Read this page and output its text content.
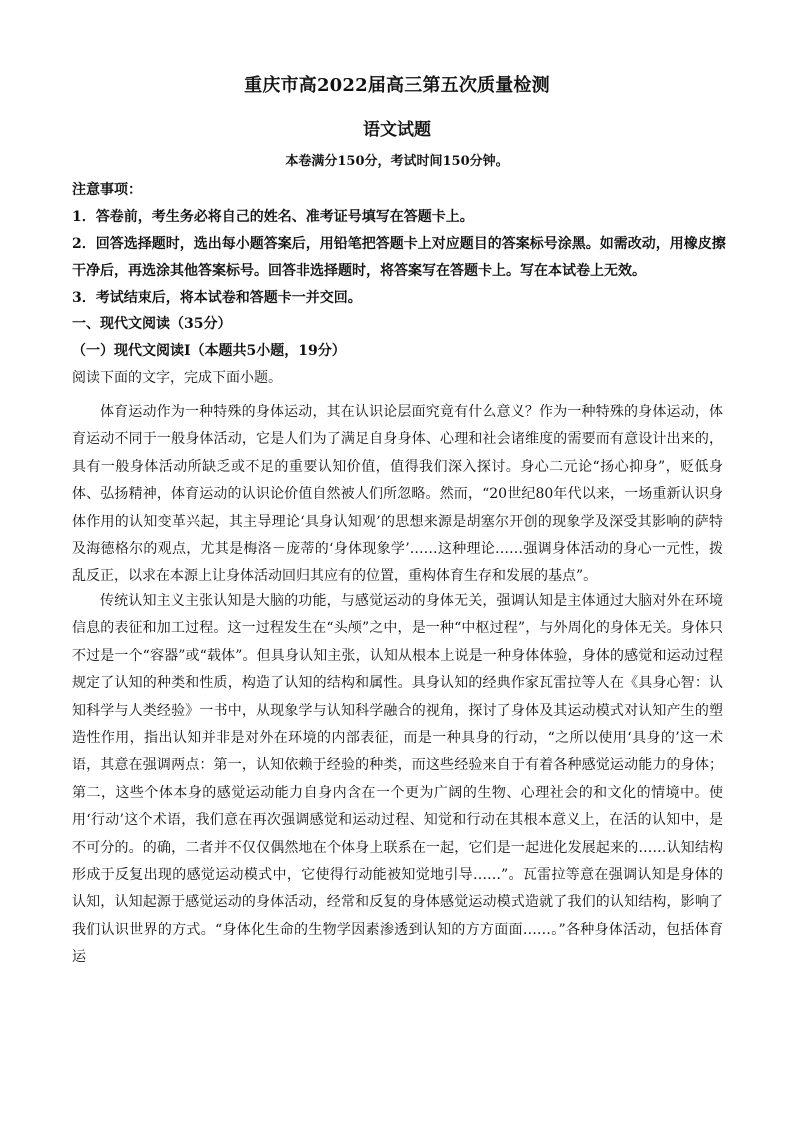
重庆市高2022届高三第五次质量检测
语文试题
本卷满分150分，考试时间150分钟。
注意事项：
1．答卷前，考生务必将自己的姓名、准考证号填写在答题卡上。
2．回答选择题时，选出每小题答案后，用铅笔把答题卡上对应题目的答案标号涂黑。如需改动，用橡皮擦
干净后，再选涂其他答案标号。回答非选择题时，将答案写在答题卡上。写在本试卷上无效。
3．考试结束后，将本试卷和答题卡一并交回。
一、现代文阅读（35分）
（一）现代文阅读Ⅰ（本题共5小题，19分）
阅读下面的文字，完成下面小题。

体育运动作为一种特殊的身体运动，其在认识论层面究竟有什么意义？作为一种特殊的身体运动，体育运动不同于一般身体活动，它是人们为了满足自身身体、心理和社会诸维度的需要而有意设计出来的，具有一般身体活动所缺乏或不足的重要认知价值，值得我们深入探讨。身心二元论“扬心抑身”，贬低身体、弘扬精神，体育运动的认识论价值自然被人们所忽略。然而，“20世纪80年代以来，一场重新认识身体作用的认知变革兴起，其主导理论‘具身认知观’的思想来源是胡塞尔开创的现象学及深受其影响的萨特及海德格尔的观点，尤其是梅洛－庞蒂的‘身体现象学’……这种理论……强调身体活动的身心一元性，拨乱反正，以求在本源上让身体活动回归其应有的位置，重构体育生存和发展的基点”。

传统认知主义主张认知是大脑的功能，与感觉运动的身体无关，强调认知是主体通过大脑对外在环境信息的表征和加工过程。这一过程发生在“头颅”之中，是一种“中枢过程”，与外周化的身体无关。身体只不过是一个“容器”或“载体”。但具身认知主张，认知从根本上说是一种身体体验，身体的感觉和运动过程规定了认知的种类和性质，构造了认知的结构和属性。具身认知的经典作家瓦雷拉等人在《具身心智：认知科学与人类经验》一书中，从现象学与认知科学融合的视角，探讨了身体及其运动模式对认知产生的塑造性作用，指出认知并非是对外在环境的内部表征，而是一种具身的行动，“之所以使用‘具身的’这一术语，其意在强调两点：第一，认知依赖于经验的种类，而这些经验来自于有着各种感觉运动能力的身体；第二，这些个体本身的感觉运动能力自身内含在一个更为广阔的生物、心理社会的和文化的情境中。使用‘行动’这个术语，我们意在再次强调感觉和运动过程、知觉和行动在其根本意义上，在活的认知中，是不可分的。的确，二者并不仅仅偶然地在个体身上联系在一起，它们是一起进化发展起来的……认知结构形成于反复出现的感觉运动模式中，它使得行动能被知觉地引导……”。瓦雷拉等意在强调认知是身体的认知，认知起源于感觉运动的身体活动，经常和反复的身体感觉运动模式造就了我们的认知结构，影响了我们认识世界的方式。“身体化生命的生物学因素渗透到认知的方方面面……。”各种身体活动，包括体育运
